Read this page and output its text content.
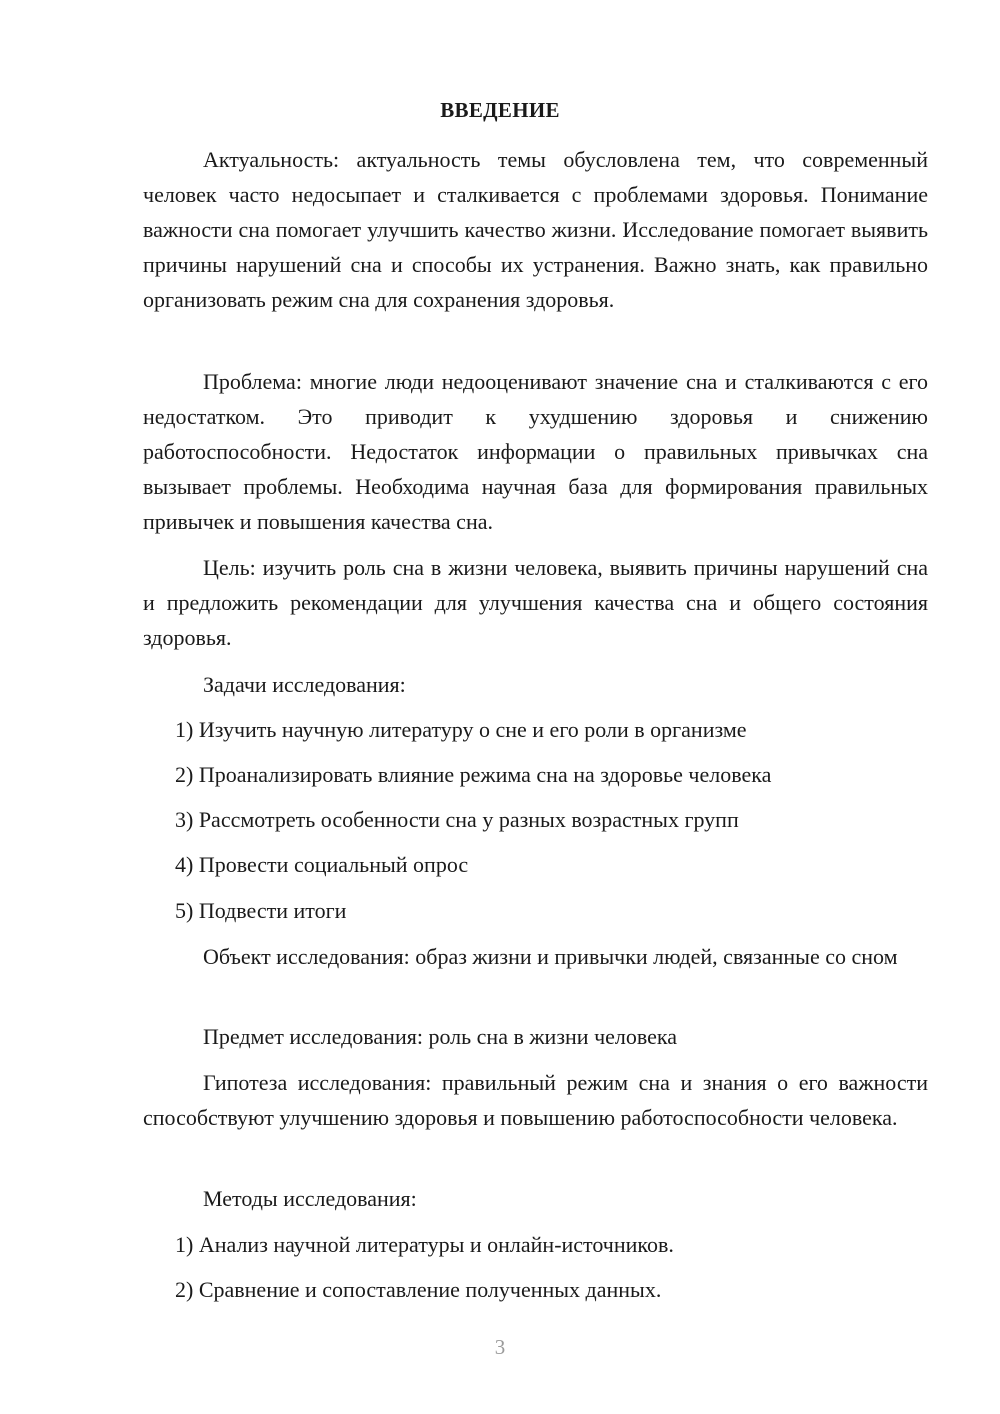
ВВЕДЕНИЕ

Актуальность: актуальность темы обусловлена тем, что современный человек часто недосыпает и сталкивается с проблемами здоровья. Понимание важности сна помогает улучшить качество жизни. Исследование помогает выявить причины нарушений сна и способы их устранения. Важно знать, как правильно организовать режим сна для сохранения здоровья.

Проблема: многие люди недооценивают значение сна и сталкиваются с его недостатком. Это приводит к ухудшению здоровья и снижению работоспособности. Недостаток информации о правильных привычках сна вызывает проблемы. Необходима научная база для формирования правильных привычек и повышения качества сна.

Цель: изучить роль сна в жизни человека, выявить причины нарушений сна и предложить рекомендации для улучшения качества сна и общего состояния здоровья.

Задачи исследования:

1) Изучить научную литературу о сне и его роли в организме

2) Проанализировать влияние режима сна на здоровье человека

3) Рассмотреть особенности сна у разных возрастных групп

4) Провести социальный опрос

5) Подвести итоги

Объект исследования: образ жизни и привычки людей, связанные со сном

Предмет исследования: роль сна в жизни человека

Гипотеза исследования: правильный режим сна и знания о его важности способствуют улучшению здоровья и повышению работоспособности человека.

Методы исследования:

1) Анализ научной литературы и онлайн-источников.

2) Сравнение и сопоставление полученных данных.

3
